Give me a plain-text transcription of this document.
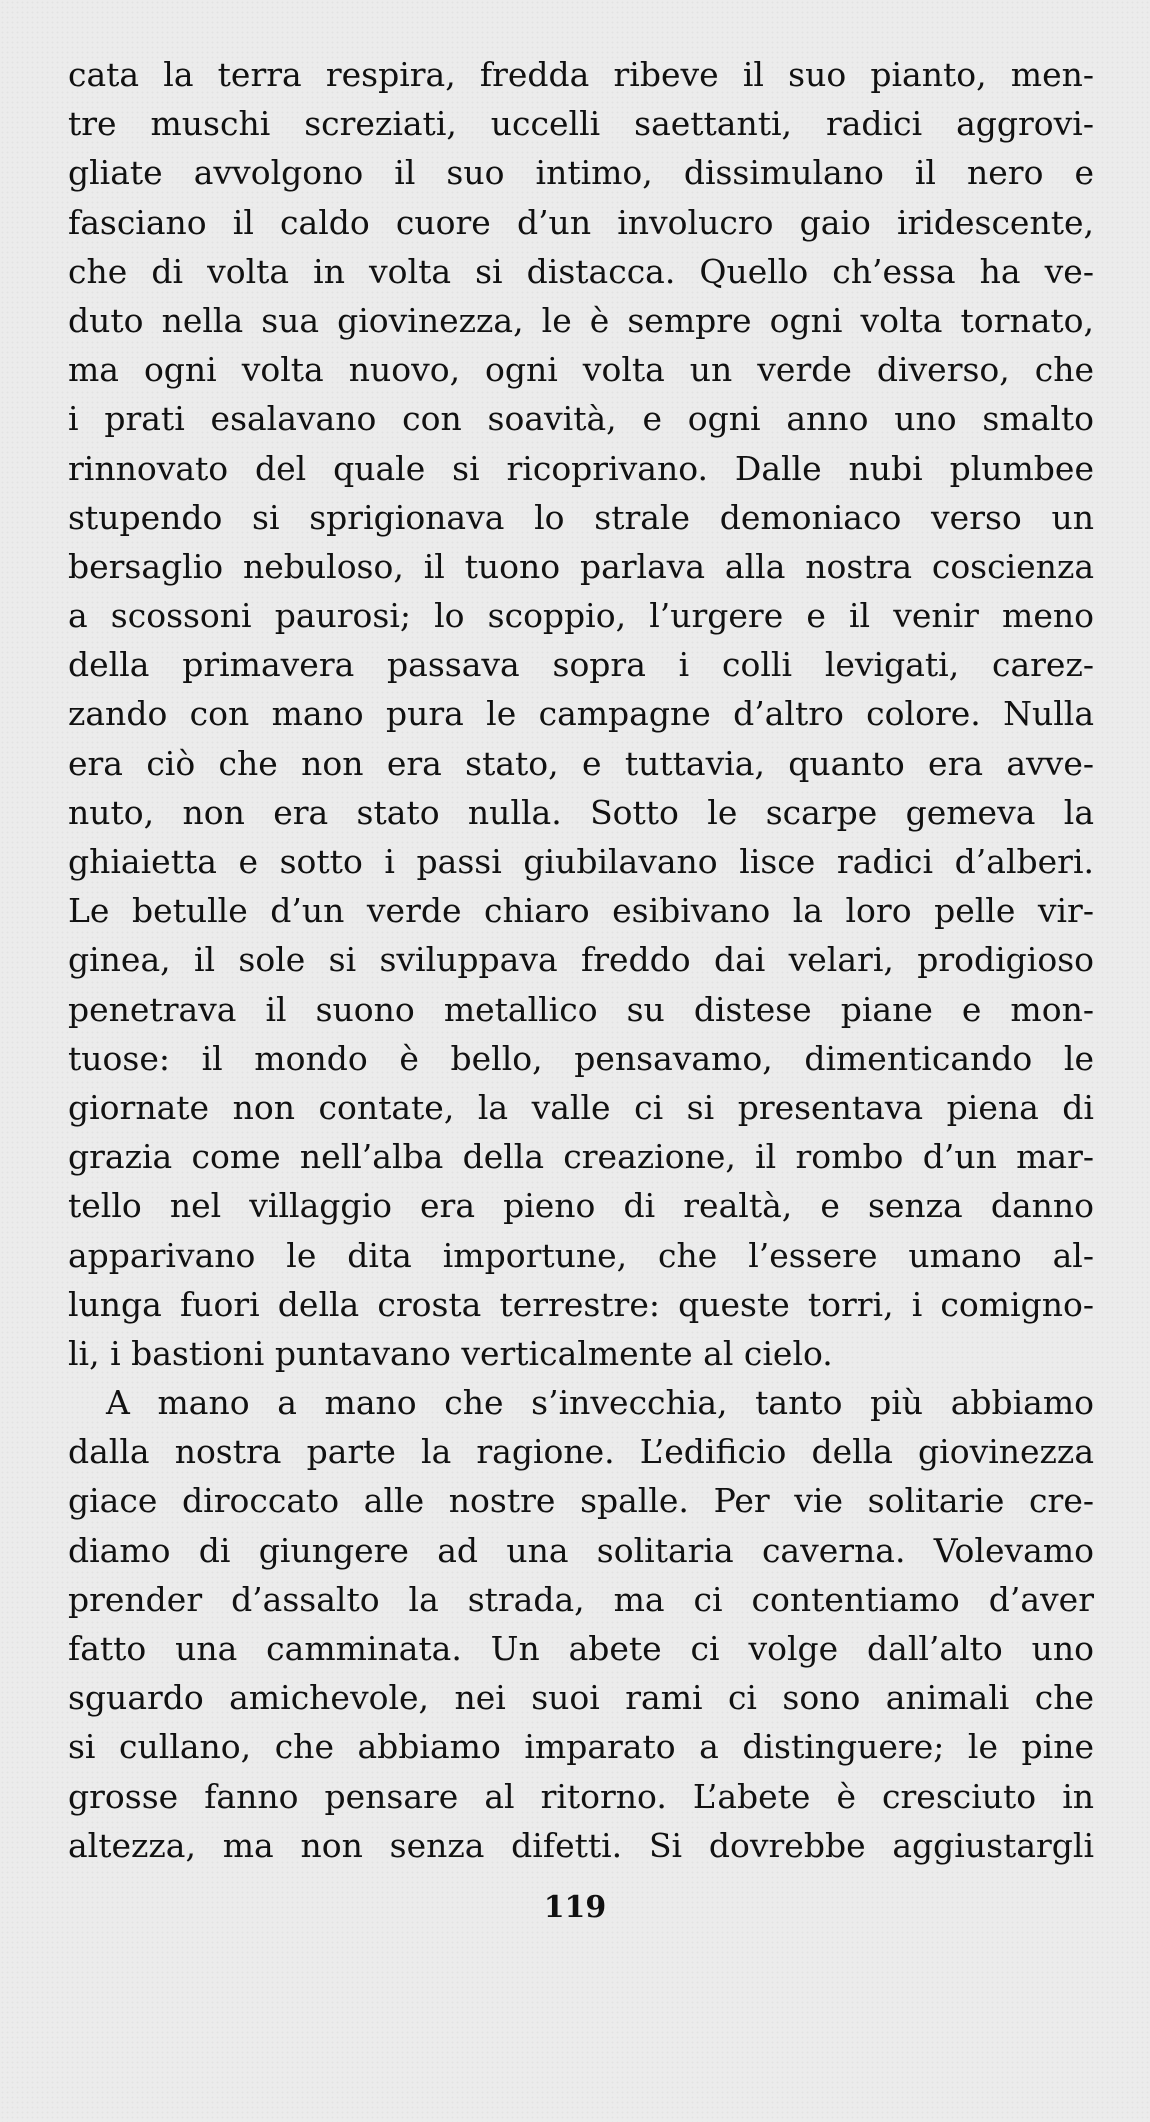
cata la terra respira, fredda ribeve il suo pianto, men-
tre muschi screziati, uccelli saettanti, radici aggrovi-
gliate avvolgono il suo intimo, dissimulano il nero e
fasciano il caldo cuore d’un involucro gaio iridescente,
che di volta in volta si distacca. Quello ch’essa ha ve-
duto nella sua giovinezza, le è sempre ogni volta tornato,
ma ogni volta nuovo, ogni volta un verde diverso, che
i prati esalavano con soavità, e ogni anno uno smalto
rinnovato del quale si ricoprivano. Dalle nubi plumbee
stupendo si sprigionava lo strale demoniaco verso un
bersaglio nebuloso, il tuono parlava alla nostra coscienza
a scossoni paurosi; lo scoppio, l’urgere e il venir meno
della primavera passava sopra i colli levigati, carez-
zando con mano pura le campagne d’altro colore. Nulla
era ciò che non era stato, e tuttavia, quanto era avve-
nuto, non era stato nulla. Sotto le scarpe gemeva la
ghiaietta e sotto i passi giubilavano lisce radici d’alberi.
Le betulle d’un verde chiaro esibivano la loro pelle vir-
ginea, il sole si sviluppava freddo dai velari, prodigioso
penetrava il suono metallico su distese piane e mon-
tuose: il mondo è bello, pensavamo, dimenticando le
giornate non contate, la valle ci si presentava piena di
grazia come nell’alba della creazione, il rombo d’un mar-
tello nel villaggio era pieno di realtà, e senza danno
apparivano le dita importune, che l’essere umano al-
lunga fuori della crosta terrestre: queste torri, i comigno-
li, i bastioni puntavano verticalmente al cielo.
A mano a mano che s’invecchia, tanto più abbiamo
dalla nostra parte la ragione. L’edificio della giovinezza
giace diroccato alle nostre spalle. Per vie solitarie cre-
diamo di giungere ad una solitaria caverna. Volevamo
prender d’assalto la strada, ma ci contentiamo d’aver
fatto una camminata. Un abete ci volge dall’alto uno
sguardo amichevole, nei suoi rami ci sono animali che
si cullano, che abbiamo imparato a distinguere; le pine
grosse fanno pensare al ritorno. L’abete è cresciuto in
altezza, ma non senza difetti. Si dovrebbe aggiustargli
119
